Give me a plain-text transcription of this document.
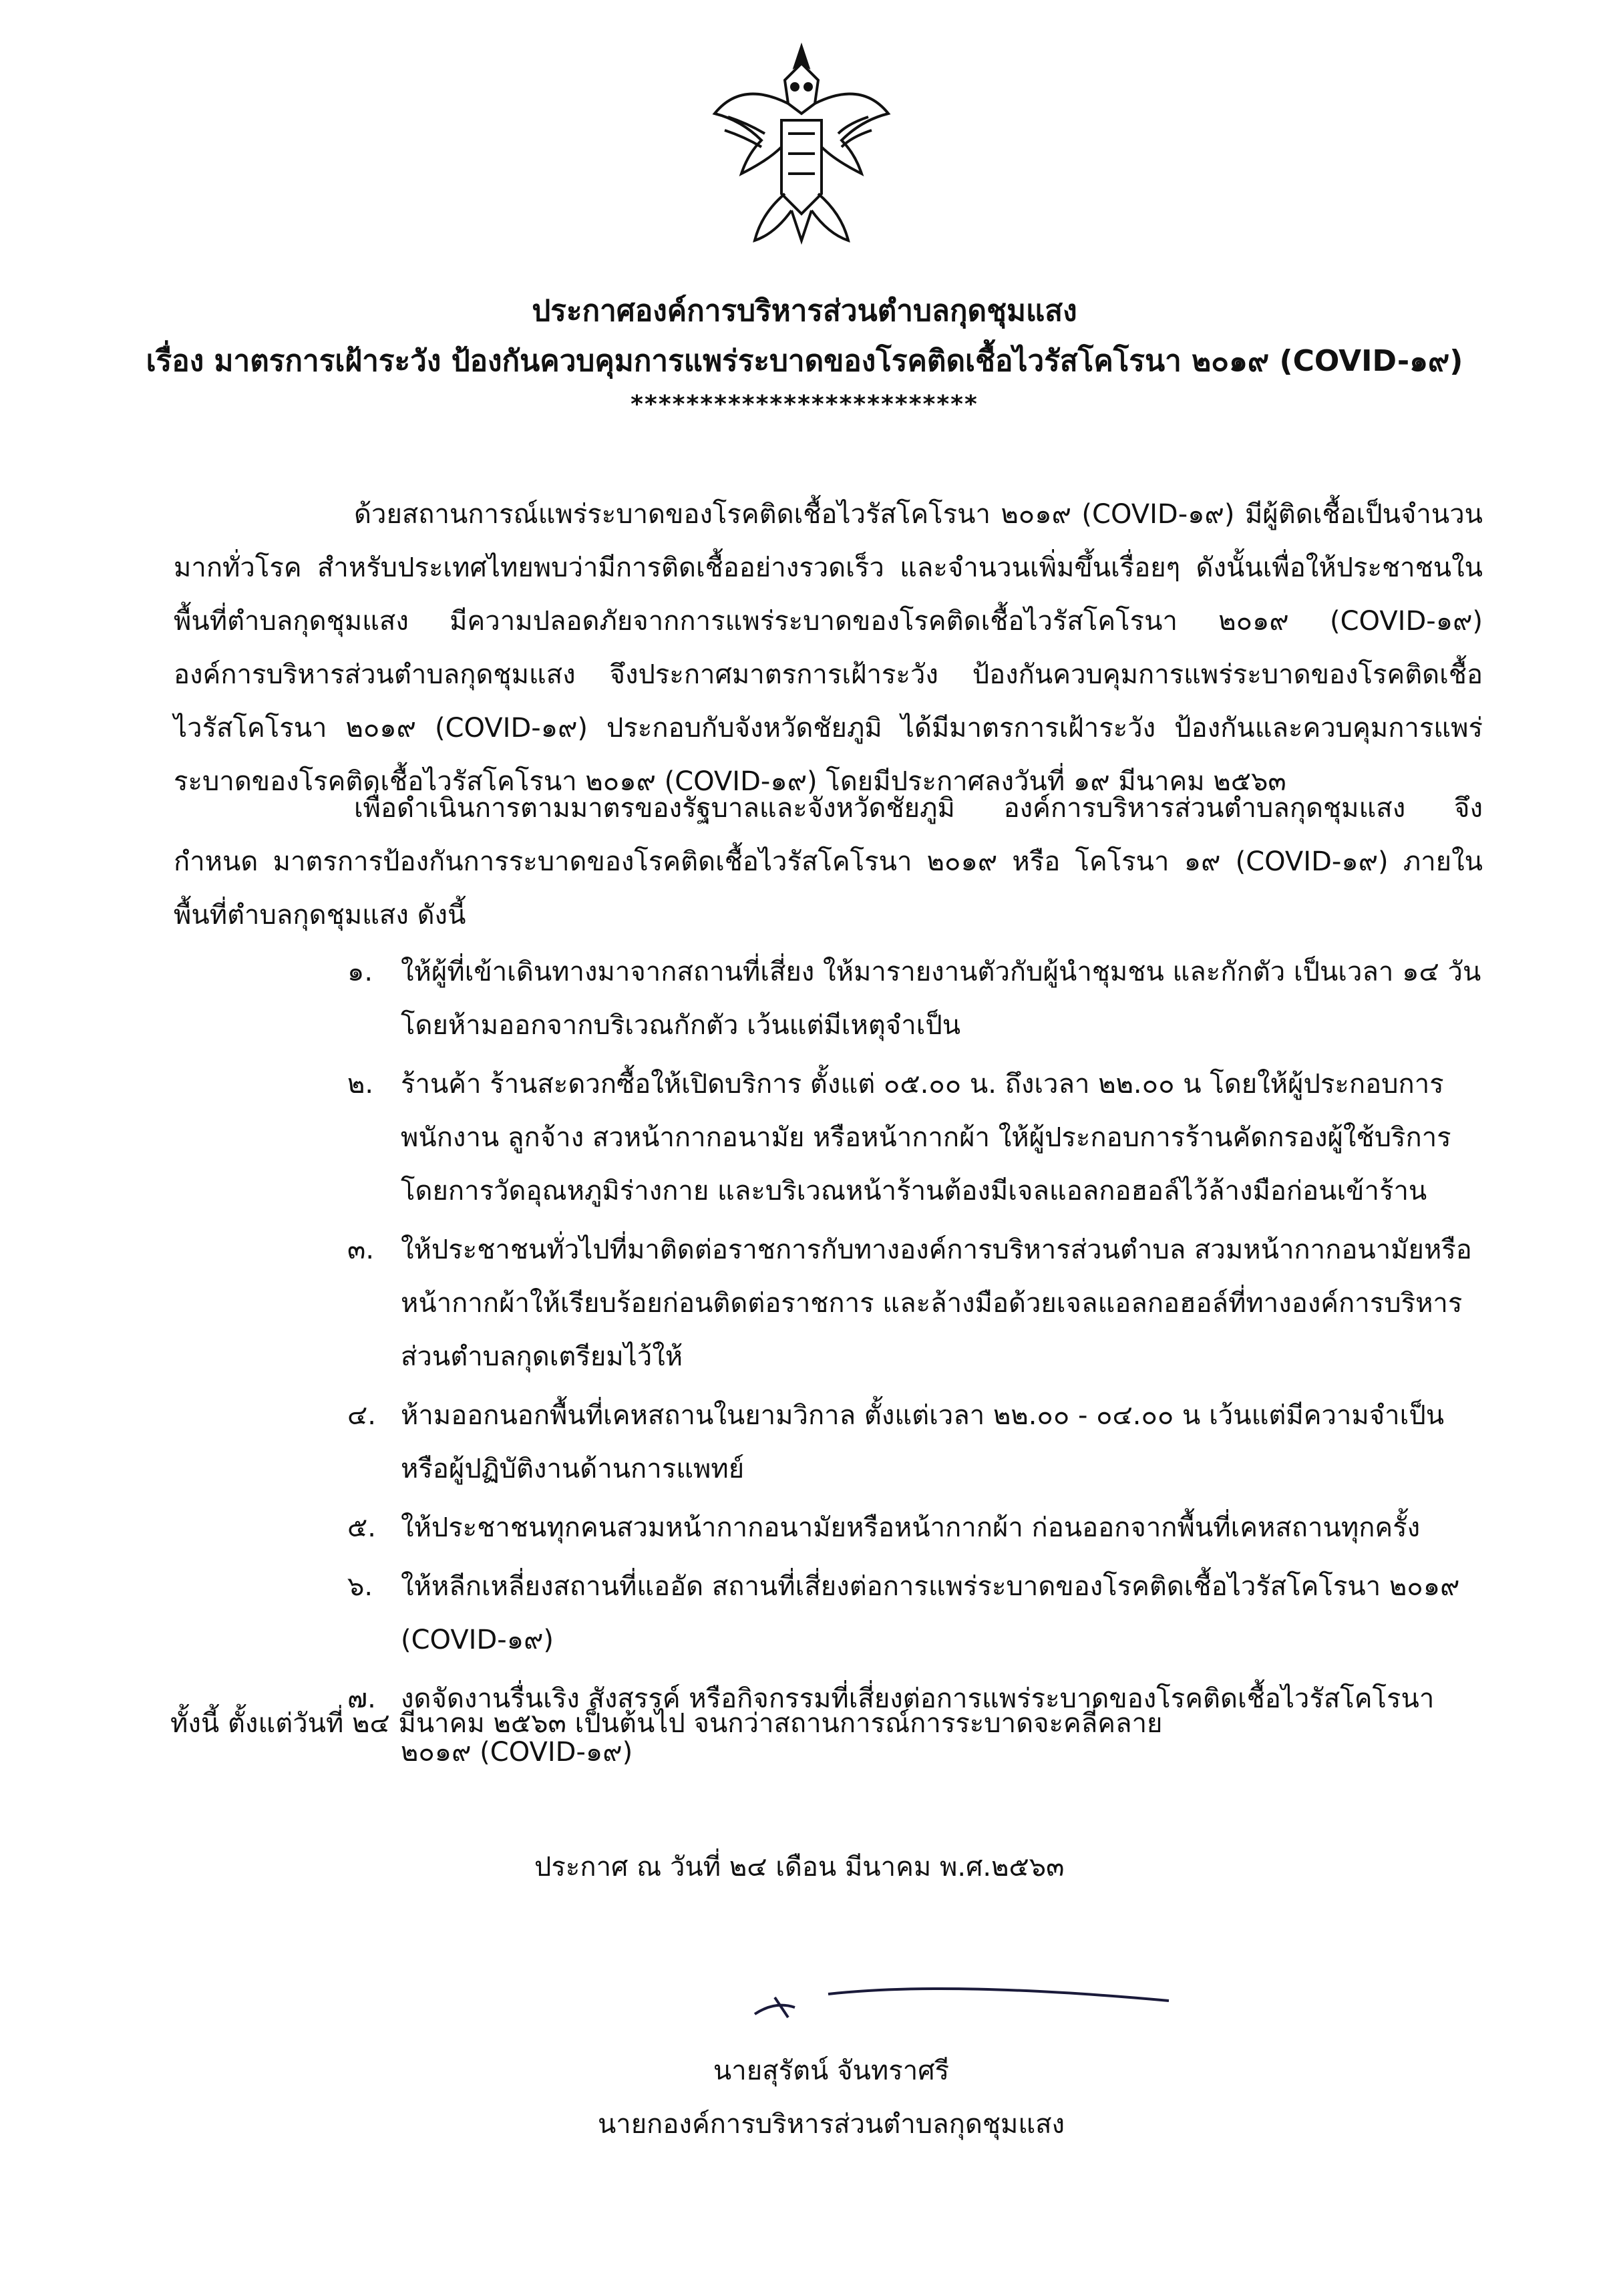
ประกาศองค์การบริหารส่วนตำบลกุดชุมแสง
เรื่อง มาตรการเฝ้าระวัง ป้องกันควบคุมการแพร่ระบาดของโรคติดเชื้อไวรัสโคโรนา ๒๐๑๙ (COVID-๑๙)
*************************
ด้วยสถานการณ์แพร่ระบาดของโรคติดเชื้อไวรัสโคโรนา ๒๐๑๙ (COVID-๑๙) มีผู้ติดเชื้อเป็นจำนวนมากทั่วโรค สำหรับประเทศไทยพบว่ามีการติดเชื้ออย่างรวดเร็ว และจำนวนเพิ่มขึ้นเรื่อยๆ ดังนั้นเพื่อให้ประชาชนในพื้นที่ตำบลกุดชุมแสง มีความปลอดภัยจากการแพร่ระบาดของโรคติดเชื้อไวรัสโคโรนา ๒๐๑๙ (COVID-๑๙) องค์การบริหารส่วนตำบลกุดชุมแสง จึงประกาศมาตรการเฝ้าระวัง ป้องกันควบคุมการแพร่ระบาดของโรคติดเชื้อไวรัสโคโรนา ๒๐๑๙ (COVID-๑๙) ประกอบกับจังหวัดชัยภูมิ ได้มีมาตรการเฝ้าระวัง ป้องกันและควบคุมการแพร่ระบาดของโรคติดเชื้อไวรัสโคโรนา ๒๐๑๙ (COVID-๑๙) โดยมีประกาศลงวันที่ ๑๙ มีนาคม ๒๕๖๓
เพื่อดำเนินการตามมาตรของรัฐบาลและจังหวัดชัยภูมิ องค์การบริหารส่วนตำบลกุดชุมแสง จึงกำหนด มาตรการป้องกันการระบาดของโรคติดเชื้อไวรัสโคโรนา ๒๐๑๙ หรือ โคโรนา ๑๙ (COVID-๑๙) ภายในพื้นที่ตำบลกุดชุมแสง ดังนี้
๑. ให้ผู้ที่เข้าเดินทางมาจากสถานที่เสี่ยง ให้มารายงานตัวกับผู้นำชุมชน และกักตัว เป็นเวลา ๑๔ วัน โดยห้ามออกจากบริเวณกักตัว เว้นแต่มีเหตุจำเป็น
๒. ร้านค้า ร้านสะดวกซื้อให้เปิดบริการ ตั้งแต่ ๐๕.๐๐ น. ถึงเวลา ๒๒.๐๐ น โดยให้ผู้ประกอบการพนักงาน ลูกจ้าง สวหน้ากากอนามัย หรือหน้ากากผ้า ให้ผู้ประกอบการร้านคัดกรองผู้ใช้บริการโดยการวัดอุณหภูมิร่างกาย และบริเวณหน้าร้านต้องมีเจลแอลกอฮอล์ไว้ล้างมือก่อนเข้าร้าน
๓. ให้ประชาชนทั่วไปที่มาติดต่อราชการกับทางองค์การบริหารส่วนตำบล สวมหน้ากากอนามัยหรือหน้ากากผ้าให้เรียบร้อยก่อนติดต่อราชการ และล้างมือด้วยเจลแอลกอฮอล์ที่ทางองค์การบริหารส่วนตำบลกุดเตรียมไว้ให้
๔. ห้ามออกนอกพื้นที่เคหสถานในยามวิกาล ตั้งแต่เวลา ๒๒.๐๐ - ๐๔.๐๐ น เว้นแต่มีความจำเป็นหรือผู้ปฏิบัติงานด้านการแพทย์
๕. ให้ประชาชนทุกคนสวมหน้ากากอนามัยหรือหน้ากากผ้า ก่อนออกจากพื้นที่เคหสถานทุกครั้ง
๖. ให้หลีกเหลี่ยงสถานที่แออัด สถานที่เสี่ยงต่อการแพร่ระบาดของโรคติดเชื้อไวรัสโคโรนา ๒๐๑๙ (COVID-๑๙)
๗. งดจัดงานรื่นเริง สังสรรค์ หรือกิจกรรมที่เสี่ยงต่อการแพร่ระบาดของโรคติดเชื้อไวรัสโคโรนา ๒๐๑๙ (COVID-๑๙)
ทั้งนี้ ตั้งแต่วันที่ ๒๔ มีนาคม ๒๕๖๓ เป็นต้นไป จนกว่าสถานการณ์การระบาดจะคลี่คลาย
ประกาศ ณ วันที่ ๒๔ เดือน มีนาคม พ.ศ.๒๕๖๓
นายสุรัตน์ จันทราศรี
นายกองค์การบริหารส่วนตำบลกุดชุมแสง
